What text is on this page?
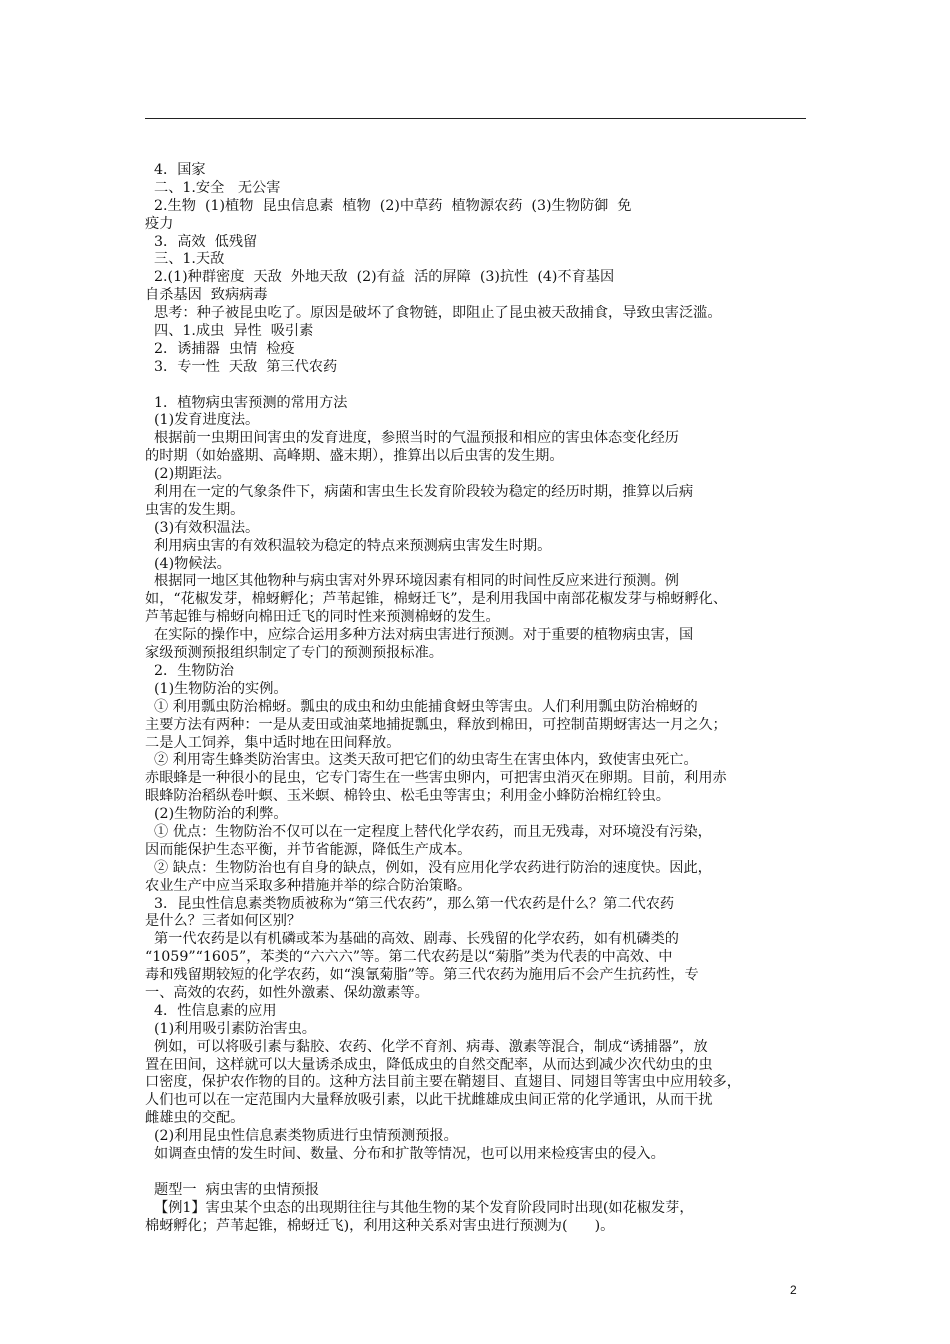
4．国家
二、1.安全   无公害
2.生物  (1)植物  昆虫信息素  植物  (2)中草药  植物源农药  (3)生物防御  免
疫力
3．高效  低残留
三、1.天敌
2.(1)种群密度  天敌  外地天敌  (2)有益  活的屏障  (3)抗性  (4)不育基因
自杀基因  致病病毒
思考：种子被昆虫吃了。原因是破坏了食物链，即阻止了昆虫被天敌捕食，导致虫害泛滥。
四、1.成虫  异性  吸引素
2．诱捕器  虫情  检疫
3．专一性  天敌  第三代农药
1．植物病虫害预测的常用方法
(1)发育进度法。
根据前一虫期田间害虫的发育进度，参照当时的气温预报和相应的害虫体态变化经历
的时期（如始盛期、高峰期、盛末期），推算出以后虫害的发生期。
(2)期距法。
利用在一定的气象条件下，病菌和害虫生长发育阶段较为稳定的经历时期，推算以后病
虫害的发生期。
(3)有效积温法。
利用病虫害的有效积温较为稳定的特点来预测病虫害发生时期。
(4)物候法。
根据同一地区其他物种与病虫害对外界环境因素有相同的时间性反应来进行预测。例
如，“花椒发芽，棉蚜孵化；芦苇起锥，棉蚜迁飞”，是利用我国中南部花椒发芽与棉蚜孵化、
芦苇起锥与棉蚜向棉田迁飞的同时性来预测棉蚜的发生。
在实际的操作中，应综合运用多种方法对病虫害进行预测。对于重要的植物病虫害，国
家级预测预报组织制定了专门的预测预报标准。
2．生物防治
(1)生物防治的实例。
① 利用瓢虫防治棉蚜。瓢虫的成虫和幼虫能捕食蚜虫等害虫。人们利用瓢虫防治棉蚜的
主要方法有两种：一是从麦田或油菜地捕捉瓢虫，释放到棉田，可控制苗期蚜害达一月之久；
二是人工饲养，集中适时地在田间释放。
② 利用寄生蜂类防治害虫。这类天敌可把它们的幼虫寄生在害虫体内，致使害虫死亡。
赤眼蜂是一种很小的昆虫，它专门寄生在一些害虫卵内，可把害虫消灭在卵期。目前，利用赤
眼蜂防治稻纵卷叶螟、玉米螟、棉铃虫、松毛虫等害虫；利用金小蜂防治棉红铃虫。
(2)生物防治的利弊。
① 优点：生物防治不仅可以在一定程度上替代化学农药，而且无残毒，对环境没有污染，
因而能保护生态平衡，并节省能源，降低生产成本。
② 缺点：生物防治也有自身的缺点，例如，没有应用化学农药进行防治的速度快。因此，
农业生产中应当采取多种措施并举的综合防治策略。
3．昆虫性信息素类物质被称为“第三代农药”，那么第一代农药是什么？第二代农药
是什么？三者如何区别？
第一代农药是以有机磷或苯为基础的高效、剧毒、长残留的化学农药，如有机磷类的
“1059”“1605”，苯类的“六六六”等。第二代农药是以“菊脂”类为代表的中高效、中
毒和残留期较短的化学农药，如“溴氰菊脂”等。第三代农药为施用后不会产生抗药性，专
一、高效的农药，如性外激素、保幼激素等。
4．性信息素的应用
(1)利用吸引素防治害虫。
例如，可以将吸引素与黏胶、农药、化学不育剂、病毒、激素等混合，制成“诱捕器”，放
置在田间，这样就可以大量诱杀成虫，降低成虫的自然交配率，从而达到减少次代幼虫的虫
口密度，保护农作物的目的。这种方法目前主要在鞘翅目、直翅目、同翅目等害虫中应用较多，
人们也可以在一定范围内大量释放吸引素，以此干扰雌雄成虫间正常的化学通讯，从而干扰
雌雄虫的交配。
(2)利用昆虫性信息素类物质进行虫情预测预报。
如调查虫情的发生时间、数量、分布和扩散等情况，也可以用来检疫害虫的侵入。
题型一  病虫害的虫情预报
【例1】害虫某个虫态的出现期往往与其他生物的某个发育阶段同时出现(如花椒发芽，
棉蚜孵化；芦苇起锥，棉蚜迁飞)，利用这种关系对害虫进行预测为(      )。
2
